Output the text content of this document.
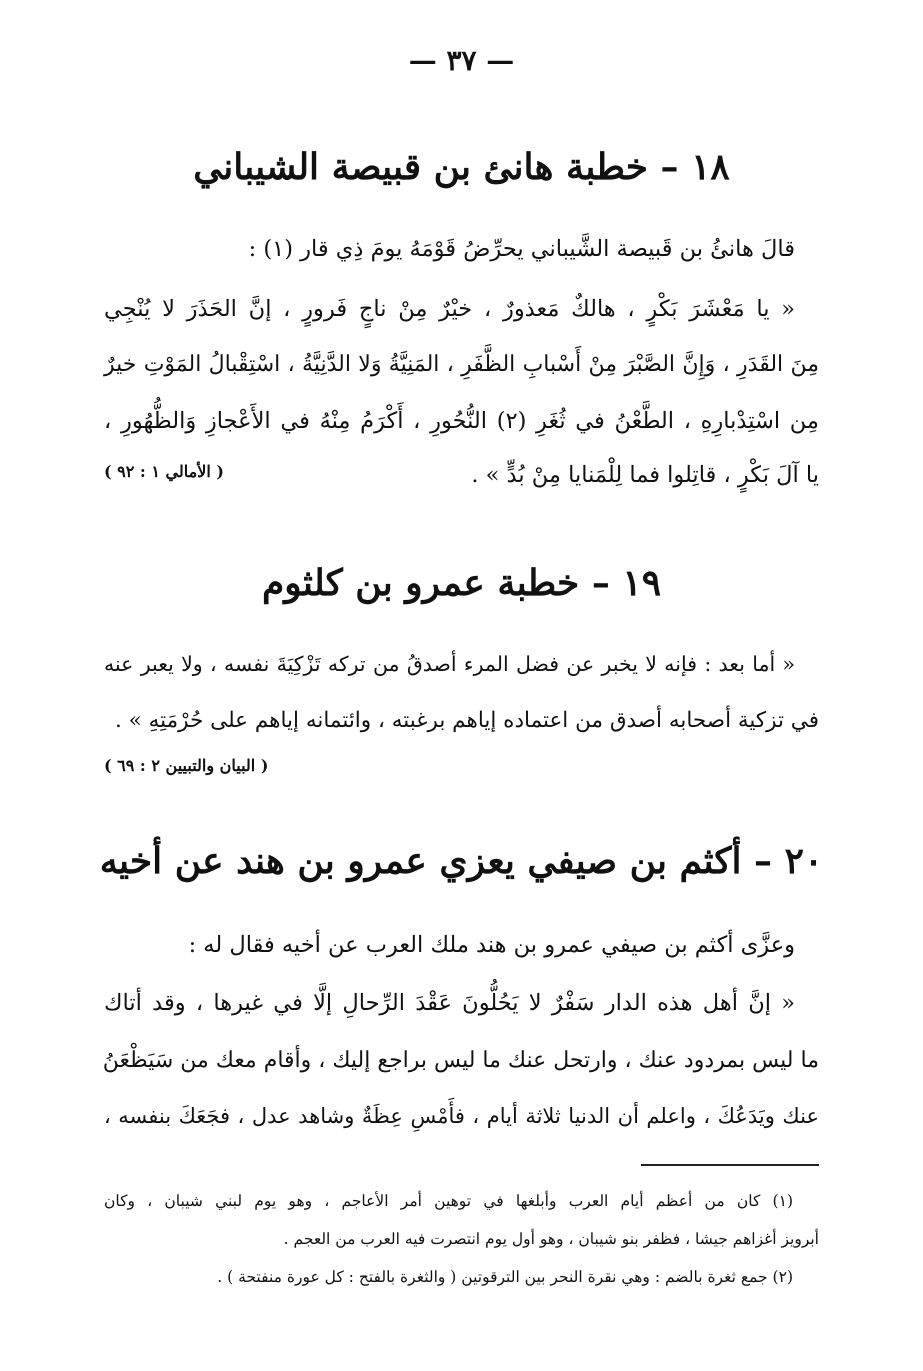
— ٣٧ —
١٨ – خطبة هانئ بن قبيصة الشيباني
قالَ هانئُ بن قَبيصة الشَّيباني يحرِّضُ قَوْمَهُ يومَ ذِي قار (١) :
« يا مَعْشَرَ بَكْرٍ ، هالكٌ مَعذورٌ ، خيْرٌ مِنْ ناجٍ فَرورٍ ، إنَّ الحَذَرَ لا يُنْجِي
مِنَ القَدَرِ ، وَإِنَّ الصَّبْرَ مِنْ أَسْبابِ الظَّفَرِ ، المَنِيَّةُ وَلا الدَّنِيَّةُ ، اسْتِقْبالُ المَوْتِ خيرٌ
مِن اسْتِدْبارِهِ ، الطَّعْنُ في ثُغَرِ (٢) النُّحُورِ ، أَكْرَمُ مِنْهُ في الأَعْجازِ وَالظُّهُورِ ،
يا آلَ بَكْرٍ ، قاتِلوا فما لِلْمَنايا مِنْ بُدٍّ » .
( الأمالي ١ : ٩٢ )
١٩ – خطبة عمرو بن كلثوم
« أما بعد : فإنه لا يخبر عن فضل المرء أصدقُ من تركه تَزْكِيَةَ نفسه ، ولا يعبر عنه
في تزكية أصحابه أصدق من اعتماده إياهم برغبته ، وائتمانه إياهم على حُرْمَتِهِ » .
( البيان والتبيين ٢ : ٦٩ )
٢٠ – أكثم بن صيفي يعزي عمرو بن هند عن أخيه
وعزَّى أكثم بن صيفي عمرو بن هند ملك العرب عن أخيه فقال له :
« إنَّ أهل هذه الدار سَفْرٌ لا يَحُلُّونَ عَقْدَ الرِّحالِ إلَّا في غيرها ، وقد أتاك
ما ليس بمردود عنك ، وارتحل عنك ما ليس براجع إليك ، وأقام معك من سَيَظْعَنُ
عنك ويَدَعُكَ ، واعلم أن الدنيا ثلاثة أيام ، فأَمْسِ عِظَةٌ وشاهد عدل ، فجَعَكَ بنفسه ،
(١) كان من أعظم أيام العرب وأبلغها في توهين أمر الأعاجم ، وهو يوم لبني شيبان ، وكان
أبرويز أغزاهم جيشا ، فظفر بنو شيبان ، وهو أول يوم انتصرت فيه العرب من العجم .
(٢) جمع ثغرة بالضم : وهي نقرة النحر بين الترقوتين ( والثغرة بالفتح : كل عورة منفتحة ) .
